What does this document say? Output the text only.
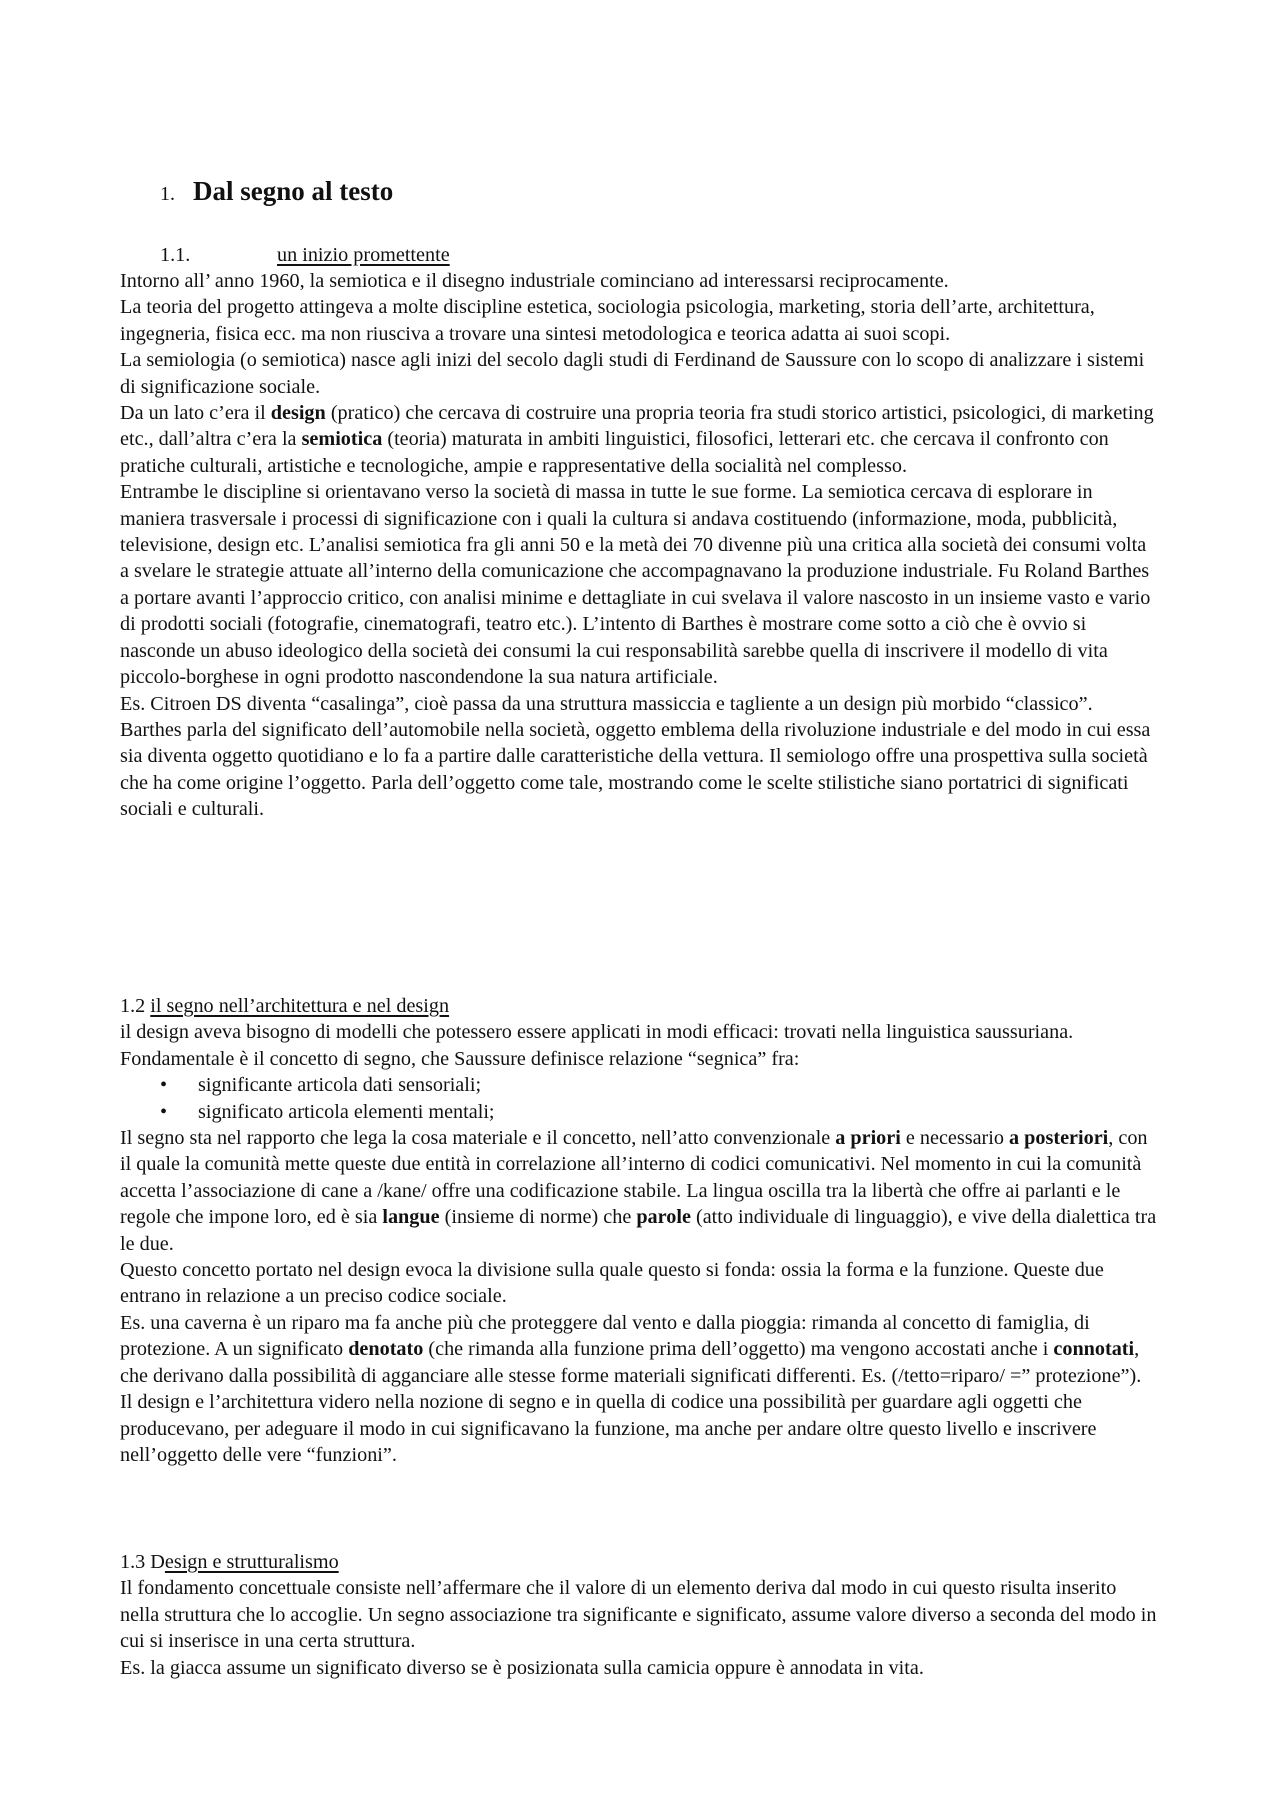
1. Dal segno al testo
1.1.	un inizio promettente

Intorno all’ anno 1960, la semiotica e il disegno industriale cominciano ad interessarsi reciprocamente.

La teoria del progetto attingeva a molte discipline estetica, sociologia psicologia, marketing, storia dell’arte, architettura, ingegneria, fisica ecc. ma non riusciva a trovare una sintesi metodologica e teorica adatta ai suoi scopi.

La semiologia (o semiotica) nasce agli inizi del secolo dagli studi di Ferdinand de Saussure con lo scopo di analizzare i sistemi di significazione sociale.

Da un lato c’era il design (pratico) che cercava di costruire una propria teoria fra studi storico artistici, psicologici, di marketing etc., dall’altra c’era la semiotica (teoria) maturata in ambiti linguistici, filosofici, letterari etc. che cercava il confronto con pratiche culturali, artistiche e tecnologiche, ampie e rappresentative della socialità nel complesso.

Entrambe le discipline si orientavano verso la società di massa in tutte le sue forme. La semiotica cercava di esplorare in maniera trasversale i processi di significazione con i quali la cultura si andava costituendo (informazione, moda, pubblicità, televisione, design etc. L’analisi semiotica fra gli anni 50 e la metà dei 70 divenne più una critica alla società dei consumi volta a svelare le strategie attuate all’interno della comunicazione che accompagnavano la produzione industriale. Fu Roland Barthes a portare avanti l’approccio critico, con analisi minime e dettagliate in cui svelava il valore nascosto in un insieme vasto e vario di prodotti sociali (fotografie, cinematografi, teatro etc.). L’intento di Barthes è mostrare come sotto a ciò che è ovvio si nasconde un abuso ideologico della società dei consumi la cui responsabilità sarebbe quella di inscrivere il modello di vita piccolo-borghese in ogni prodotto nascondendone la sua natura artificiale.

Es. Citroen DS diventa “casalinga”, cioè passa da una struttura massiccia e tagliente a un design più morbido “classico”.

Barthes parla del significato dell’automobile nella società, oggetto emblema della rivoluzione industriale e del modo in cui essa sia diventa oggetto quotidiano e lo fa a partire dalle caratteristiche della vettura. Il semiologo offre una prospettiva sulla società che ha come origine l’oggetto. Parla dell’oggetto come tale, mostrando come le scelte stilistiche siano portatrici di significati sociali e culturali.

1.2 il segno nell’architettura e nel design

il design aveva bisogno di modelli che potessero essere applicati in modi efficaci: trovati nella linguistica saussuriana.

Fondamentale è il concetto di segno, che Saussure definisce relazione “segnica” fra:

• significante articola dati sensoriali;
• significato articola elementi mentali;

Il segno sta nel rapporto che lega la cosa materiale e il concetto, nell’atto convenzionale a priori e necessario a posteriori, con il quale la comunità mette queste due entità in correlazione all’interno di codici comunicativi. Nel momento in cui la comunità accetta l’associazione di cane a /kane/ offre una codificazione stabile. La lingua oscilla tra la libertà che offre ai parlanti e le regole che impone loro, ed è sia langue (insieme di norme) che parole (atto individuale di linguaggio), e vive della dialettica tra le due.

Questo concetto portato nel design evoca la divisione sulla quale questo si fonda: ossia la forma e la funzione. Queste due entrano in relazione a un preciso codice sociale.

Es. una caverna è un riparo ma fa anche più che proteggere dal vento e dalla pioggia: rimanda al concetto di famiglia, di protezione. A un significato denotato (che rimanda alla funzione prima dell’oggetto) ma vengono accostati anche i connotati, che derivano dalla possibilità di agganciare alle stesse forme materiali significati differenti. Es. (/tetto=riparo/ =” protezione”).

Il design e l’architettura videro nella nozione di segno e in quella di codice una possibilità per guardare agli oggetti che producevano, per adeguare il modo in cui significavano la funzione, ma anche per andare oltre questo livello e inscrivere nell’oggetto delle vere “funzioni”.

1.3 Design e strutturalismo

Il fondamento concettuale consiste nell’affermare che il valore di un elemento deriva dal modo in cui questo risulta inserito nella struttura che lo accoglie. Un segno associazione tra significante e significato, assume valore diverso a seconda del modo in cui si inserisce in una certa struttura.

Es. la giacca assume un significato diverso se è posizionata sulla camicia oppure è annodata in vita.
